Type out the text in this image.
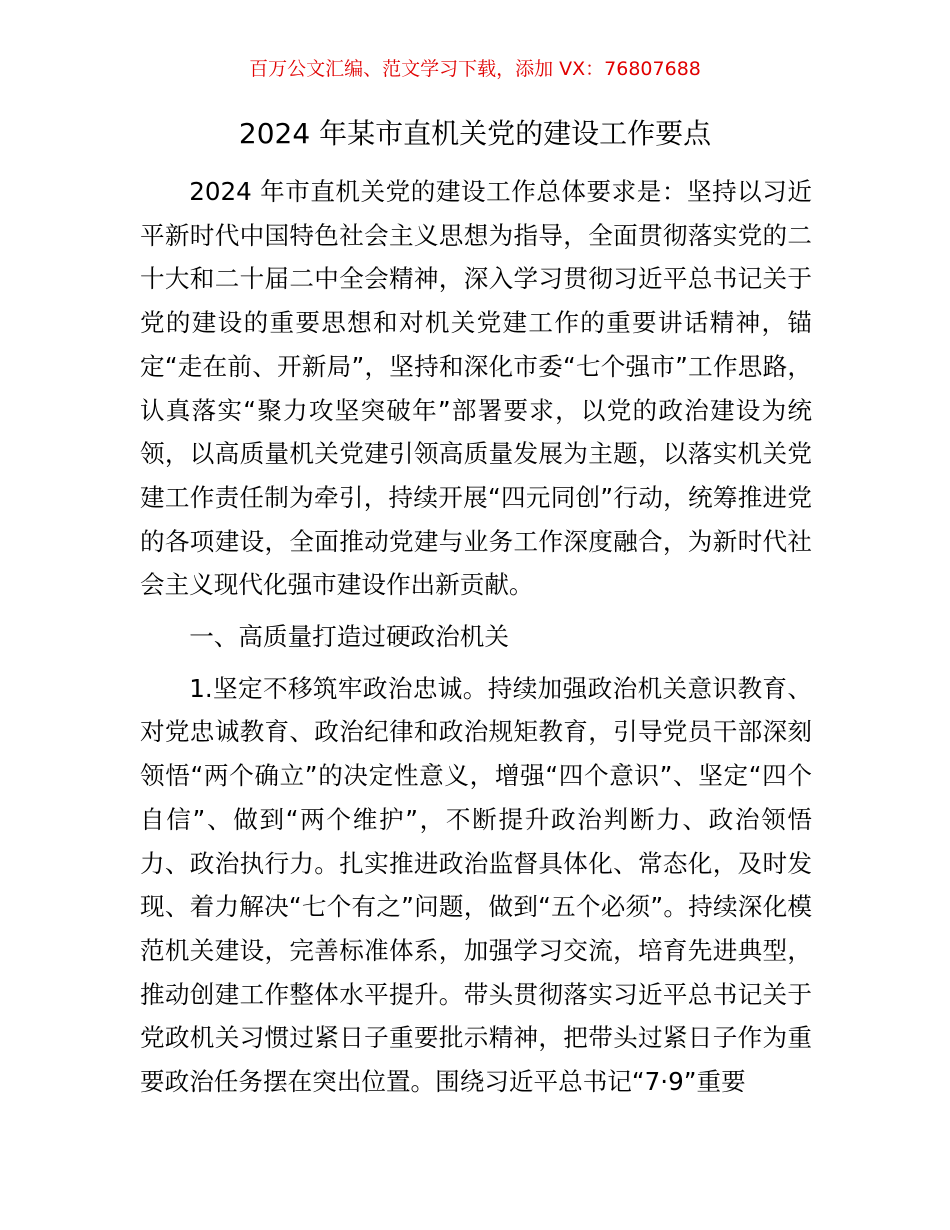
百万公文汇编、范文学习下载，添加 VX：76807688
2024 年某市直机关党的建设工作要点

2024 年市直机关党的建设工作总体要求是：坚持以习近平新时代中国特色社会主义思想为指导，全面贯彻落实党的二十大和二十届二中全会精神，深入学习贯彻习近平总书记关于党的建设的重要思想和对机关党建工作的重要讲话精神，锚定“走在前、开新局”，坚持和深化市委“七个强市”工作思路，认真落实“聚力攻坚突破年”部署要求，以党的政治建设为统领，以高质量机关党建引领高质量发展为主题，以落实机关党建工作责任制为牵引，持续开展“四元同创”行动，统筹推进党的各项建设，全面推动党建与业务工作深度融合，为新时代社会主义现代化强市建设作出新贡献。

一、高质量打造过硬政治机关

1.坚定不移筑牢政治忠诚。持续加强政治机关意识教育、对党忠诚教育、政治纪律和政治规矩教育，引导党员干部深刻领悟“两个确立”的决定性意义，增强“四个意识”、坚定“四个自信”、做到“两个维护”，不断提升政治判断力、政治领悟力、政治执行力。扎实推进政治监督具体化、常态化，及时发现、着力解决“七个有之”问题，做到“五个必须”。持续深化模范机关建设，完善标准体系，加强学习交流，培育先进典型，推动创建工作整体水平提升。带头贯彻落实习近平总书记关于党政机关习惯过紧日子重要批示精神，把带头过紧日子作为重要政治任务摆在突出位置。围绕习近平总书记“7·9”重要
